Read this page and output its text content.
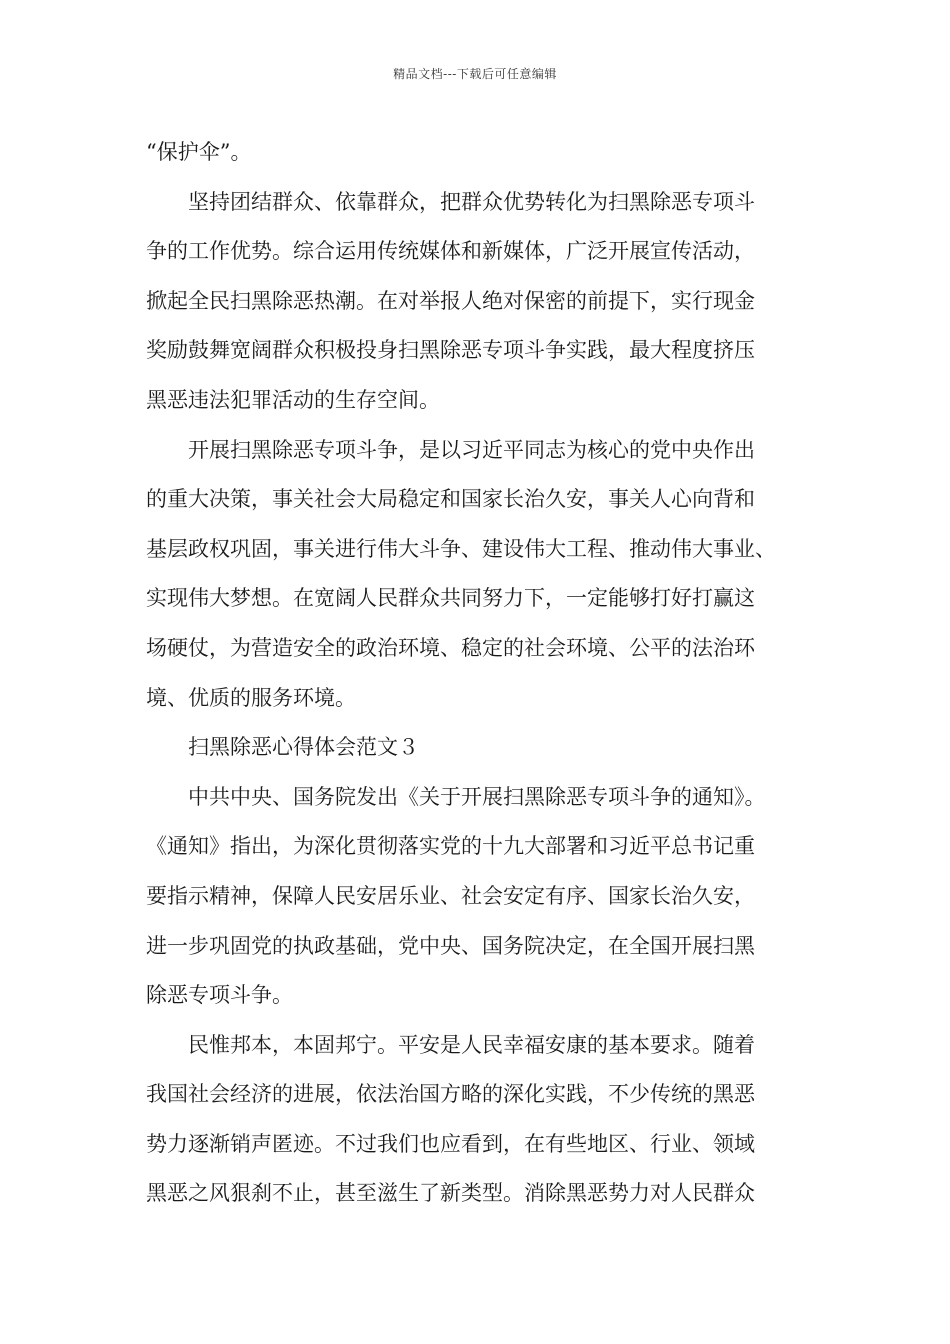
精品文档---下载后可任意编辑
“保护伞”。
坚持团结群众、依靠群众，把群众优势转化为扫黑除恶专项斗
争的工作优势。综合运用传统媒体和新媒体，广泛开展宣传活动，
掀起全民扫黑除恶热潮。在对举报人绝对保密的前提下，实行现金
奖励鼓舞宽阔群众积极投身扫黑除恶专项斗争实践，最大程度挤压
黑恶违法犯罪活动的生存空间。
开展扫黑除恶专项斗争，是以习近平同志为核心的党中央作出
的重大决策，事关社会大局稳定和国家长治久安，事关人心向背和
基层政权巩固，事关进行伟大斗争、建设伟大工程、推动伟大事业、
实现伟大梦想。在宽阔人民群众共同努力下，一定能够打好打赢这
场硬仗，为营造安全的政治环境、稳定的社会环境、公平的法治环
境、优质的服务环境。
扫黑除恶心得体会范文３
中共中央、国务院发出《关于开展扫黑除恶专项斗争的通知》。
《通知》指出，为深化贯彻落实党的十九大部署和习近平总书记重
要指示精神，保障人民安居乐业、社会安定有序、国家长治久安，
进一步巩固党的执政基础，党中央、国务院决定，在全国开展扫黑
除恶专项斗争。
民惟邦本，本固邦宁。平安是人民幸福安康的基本要求。随着
我国社会经济的进展，依法治国方略的深化实践，不少传统的黑恶
势力逐渐销声匿迹。不过我们也应看到，在有些地区、行业、领域
黑恶之风狠刹不止，甚至滋生了新类型。消除黑恶势力对人民群众
